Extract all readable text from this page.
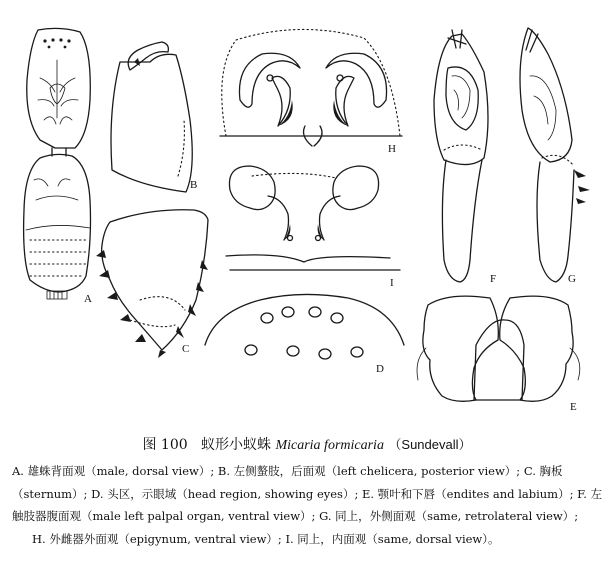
A
B
C
D
E
F	G
H
I
图 100 蚁形小蚁蛛 Micaria formicaria （Sundevall）
A. 雄蛛背面观（male, dorsal view）; B. 左侧螯肢，后面观（left chelicera, posterior view）; C. 胸板
（sternum）; D. 头区，示眼域（head region, showing eyes）; E. 颚叶和下唇（endites and labium）; F. 左
触肢器腹面观（male left palpal organ, ventral view）; G. 同上，外侧面观（same, retrolateral view）;
H. 外雌器外面观（epigynum, ventral view）; I. 同上，内面观（same, dorsal view）。
